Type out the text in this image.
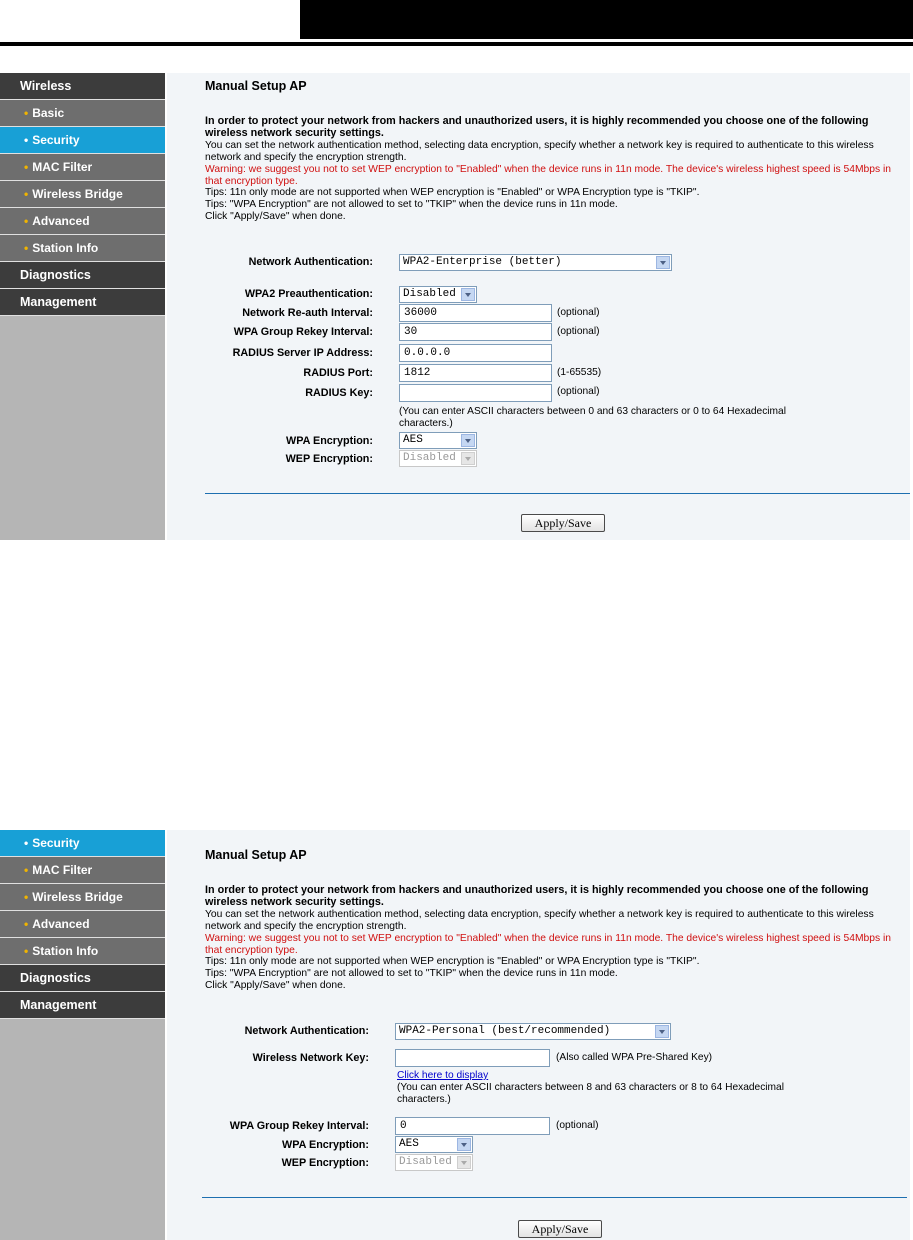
Wireless
• Basic
• Security
• MAC Filter
• Wireless Bridge
• Advanced
• Station Info
Diagnostics
Management
Manual Setup AP
In order to protect your network from hackers and unauthorized users, it is highly recommended you choose one of the following wireless network security settings.
You can set the network authentication method, selecting data encryption, specify whether a network key is required to authenticate to this wireless network and specify the encryption strength.
Warning: we suggest you not to set WEP encryption to "Enabled" when the device runs in 11n mode. The device's wireless highest speed is 54Mbps in that encryption type.
Tips: 11n only mode are not supported when WEP encryption is "Enabled" or WPA Encryption type is "TKIP".
Tips: "WPA Encryption" are not allowed to set to "TKIP" when the device runs in 11n mode.
Click "Apply/Save" when done.
Network Authentication:	WPA2-Enterprise (better)
WPA2 Preauthentication:	Disabled
Network Re-auth Interval:	36000	(optional)
WPA Group Rekey Interval:	30	(optional)
RADIUS Server IP Address:	0.0.0.0
RADIUS Port:	1812	(1-65535)
RADIUS Key:	(optional)
(You can enter ASCII characters between 0 and 63 characters or 0 to 64 Hexadecimal characters.)
WPA Encryption:	AES
WEP Encryption:	Disabled
Apply/Save
• Security
• MAC Filter
• Wireless Bridge
• Advanced
• Station Info
Diagnostics
Management
Manual Setup AP
In order to protect your network from hackers and unauthorized users, it is highly recommended you choose one of the following wireless network security settings.
You can set the network authentication method, selecting data encryption, specify whether a network key is required to authenticate to this wireless network and specify the encryption strength.
Warning: we suggest you not to set WEP encryption to "Enabled" when the device runs in 11n mode. The device's wireless highest speed is 54Mbps in that encryption type.
Tips: 11n only mode are not supported when WEP encryption is "Enabled" or WPA Encryption type is "TKIP".
Tips: "WPA Encryption" are not allowed to set to "TKIP" when the device runs in 11n mode.
Click "Apply/Save" when done.
Network Authentication:	WPA2-Personal (best/recommended)
Wireless Network Key:	(Also called WPA Pre-Shared Key)
Click here to display
(You can enter ASCII characters between 8 and 63 characters or 8 to 64 Hexadecimal characters.)
WPA Group Rekey Interval:	0	(optional)
WPA Encryption:	AES
WEP Encryption:	Disabled
Apply/Save
